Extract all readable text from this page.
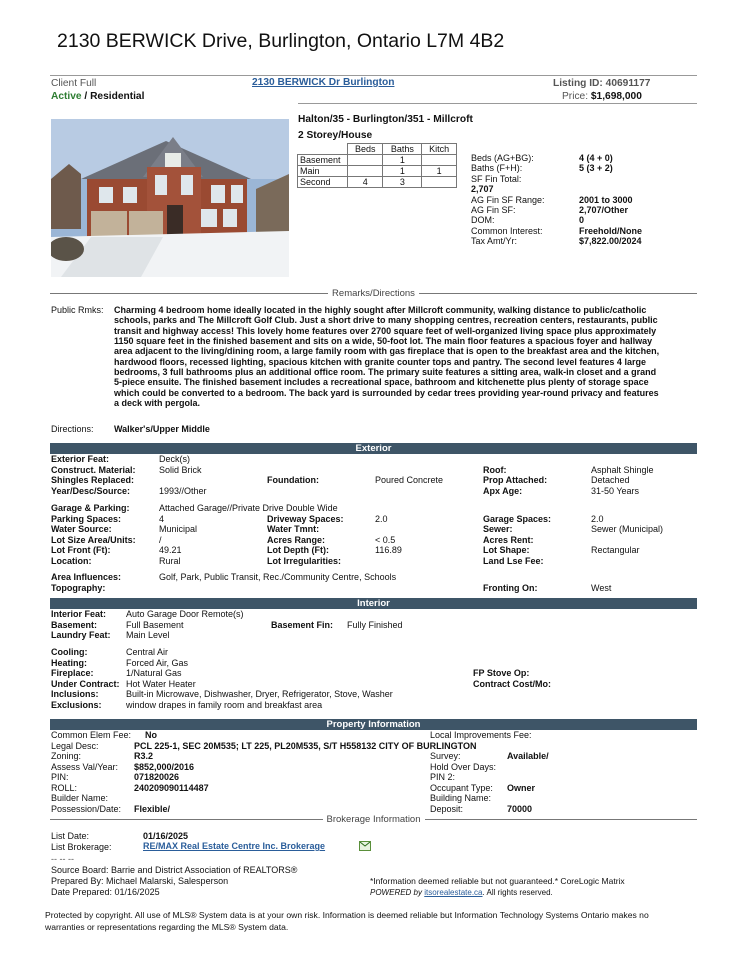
2130 BERWICK Drive, Burlington, Ontario L7M 4B2
Client Full	2130 BERWICK Dr Burlington	Listing ID: 40691177
Active / Residential	Price: $1,698,000
Halton/35 - Burlington/351 - Millcroft
2 Storey/House
	Beds	Baths	Kitch
Basement		1	
Main		1	1
Second	4	3	
Beds (AG+BG):	4 (4 + 0)
Baths (F+H):	5 (3 + 2)
SF Fin Total:
2,707
AG Fin SF Range:	2001 to 3000
AG Fin SF:	2,707/Other
DOM:	0
Common Interest:	Freehold/None
Tax Amt/Yr:	$7,822.00/2024
Remarks/Directions
Public Rmks: Charming 4 bedroom home ideally located in the highly sought after Millcroft community, walking distance to public/catholic schools, parks and The Millcroft Golf Club. Just a short drive to many shopping centres, recreation centers, restaurants, public transit and highway access! This lovely home features over 2700 square feet of well-organized living space plus approximately 1150 square feet in the finished basement and sits on a wide, 50-foot lot. The main floor features a spacious foyer and hallway area adjacent to the living/dining room, a large family room with gas fireplace that is open to the breakfast area and the kitchen, hardwood floors, recessed lighting, spacious kitchen with granite counter tops and pantry. The second level features 4 large bedrooms, 3 full bathrooms plus an additional office room. The primary suite features a sitting area, walk-in closet and a grand 5-piece ensuite. The finished basement includes a recreational space, bathroom and kitchenette plus plenty of storage space which could be converted to a bedroom. The back yard is surrounded by cedar trees providing year-round privacy and features a deck with pergola.
Directions: Walker's/Upper Middle
Exterior
Exterior Feat:	Deck(s)
Construct. Material:	Solid Brick	Roof:	Asphalt Shingle
Shingles Replaced:	Foundation:	Poured Concrete	Prop Attached:	Detached
Year/Desc/Source:	1993//Other	Apx Age:	31-50 Years
Garage & Parking:	Attached Garage//Private Drive Double Wide
Parking Spaces:	4	Driveway Spaces:	2.0	Garage Spaces:	2.0
Water Source:	Municipal	Water Tmnt:	Sewer:	Sewer (Municipal)
Lot Size Area/Units:	/	Acres Range:	< 0.5	Acres Rent:
Lot Front (Ft):	49.21	Lot Depth (Ft):	116.89	Lot Shape:	Rectangular
Location:	Rural	Lot Irregularities:	Land Lse Fee:
Area Influences:	Golf, Park, Public Transit, Rec./Community Centre, Schools
Topography:	Fronting On:	West
Interior
Interior Feat: Auto Garage Door Remote(s)
Basement:	Full Basement	Basement Fin: Fully Finished
Laundry Feat: Main Level
Cooling:	Central Air
Heating:	Forced Air, Gas
Fireplace:	1/Natural Gas	FP Stove Op:
Under Contract: Hot Water Heater	Contract Cost/Mo:
Inclusions:	Built-in Microwave, Dishwasher, Dryer, Refrigerator, Stove, Washer
Exclusions:	window drapes in family room and breakfast area
Property Information
Common Elem Fee: No	Local Improvements Fee:
Legal Desc:	PCL 225-1, SEC 20M535; LT 225, PL20M535, S/T H558132 CITY OF BURLINGTON
Zoning:	R3.2	Survey:	Available/
Assess Val/Year: $852,000/2016	Hold Over Days:
PIN:	071820026	PIN 2:
ROLL:	240209090114487	Occupant Type: Owner
Builder Name:	Building Name:
Possession/Date: Flexible/	Deposit:	70000
Brokerage Information
List Date:	01/16/2025
List Brokerage:	RE/MAX Real Estate Centre Inc. Brokerage
-- -- --
Source Board: Barrie and District Association of REALTORS®
Prepared By: Michael Malarski, Salesperson
Date Prepared: 01/16/2025
*Information deemed reliable but not guaranteed.* CoreLogic Matrix
POWERED by itsorealestate.ca. All rights reserved.
Protected by copyright. All use of MLS® System data is at your own risk. Information is deemed reliable but Information Technology Systems Ontario makes no
warranties or representations regarding the MLS® System data.
